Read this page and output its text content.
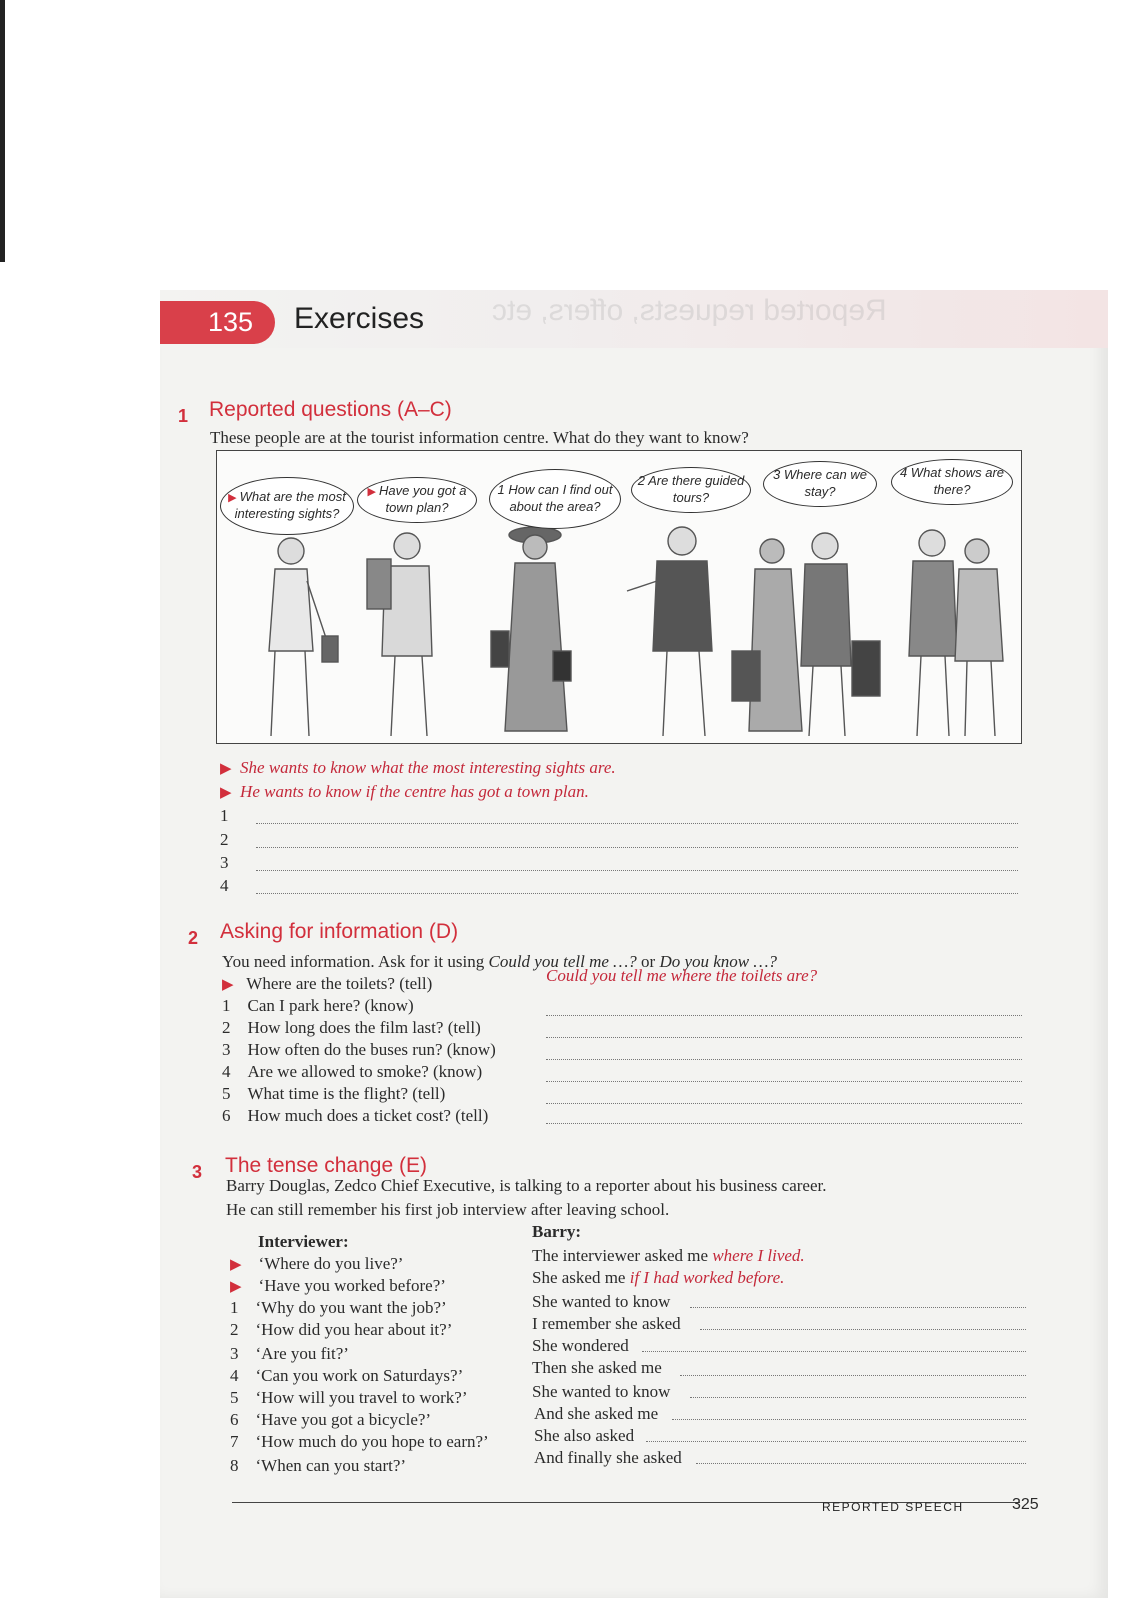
Reported requests, offers, etc
135	Exercises
1 Reported questions (A–C)
These people are at the tourist information centre. What do they want to know?
▶ What are the most interesting sights?
▶ Have you got a town plan?
1 How can I find out about the area?
2 Are there guided tours?
3 Where can we stay?
4 What shows are there?
▶ She wants to know what the most interesting sights are.
▶ He wants to know if the centre has got a town plan.
1
2
3
4
2 Asking for information (D)
You need information. Ask for it using Could you tell me …? or Do you know …?
▶ Where are the toilets? (tell)	Could you tell me where the toilets are?
1 Can I park here? (know)
2 How long does the film last? (tell)
3 How often do the buses run? (know)
4 Are we allowed to smoke? (know)
5 What time is the flight? (tell)
6 How much does a ticket cost? (tell)
3 The tense change (E)
Barry Douglas, Zedco Chief Executive, is talking to a reporter about his business career.
He can still remember his first job interview after leaving school.
Interviewer:
Barry:
▶ ‘Where do you live?’	The interviewer asked me where I lived.
▶ ‘Have you worked before?’	She asked me if I had worked before.
1 ‘Why do you want the job?’	She wanted to know
2 ‘How did you hear about it?’	I remember she asked
3 ‘Are you fit?’	She wondered
4 ‘Can you work on Saturdays?’	Then she asked me
5 ‘How will you travel to work?’	She wanted to know
6 ‘Have you got a bicycle?’	And she asked me
7 ‘How much do you hope to earn?’	She also asked
8 ‘When can you start?’	And finally she asked
REPORTED SPEECH	325
